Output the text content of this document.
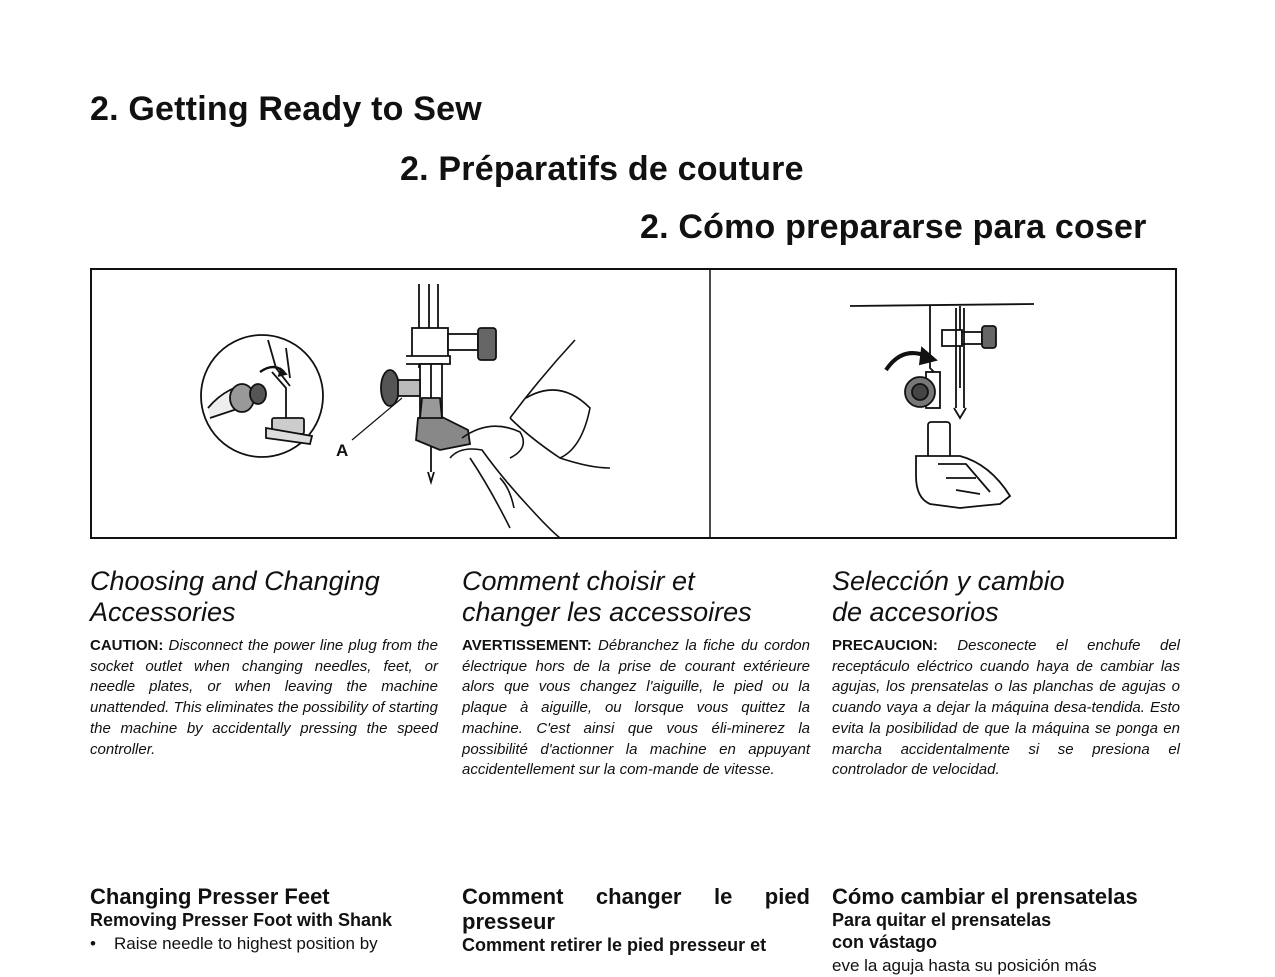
2. Getting Ready to Sew
2. Préparatifs de couture
2. Cómo prepararse para coser
A
Choosing and Changing
Accessories

CAUTION: Disconnect the power line plug from the socket outlet when changing needles, feet, or needle plates, or when leaving the machine unattended. This eliminates the possibility of starting the machine by accidentally pressing the speed controller.

Changing Presser Feet
Removing Presser Foot with Shank

• Raise needle to highest position by

Comment choisir et
changer les accessoires

AVERTISSEMENT: Débranchez la fiche du cordon électrique hors de la prise de courant extérieure alors que vous changez l'aiguille, le pied ou la plaque à aiguille, ou lorsque vous quittez la machine. C'est ainsi que vous éli-minerez la possibilité d'actionner la machine en appuyant accidentellement sur la com-mande de vitesse.

Comment changer le pied
presseur
Comment retirer le pied presseur et
Selección y cambio
de accesorios

PRECAUCION: Desconecte el enchufe del receptáculo eléctrico cuando haya de cambiar las agujas, los prensatelas o las planchas de agujas o cuando vaya a dejar la máquina desa-tendida. Esto evita la posibilidad de que la máquina se ponga en marcha accidentalmente si se presiona el controlador de velocidad.

Cómo cambiar el prensatelas
Para quitar el prensatelas
con vástago

eve la aguja hasta su posición más
